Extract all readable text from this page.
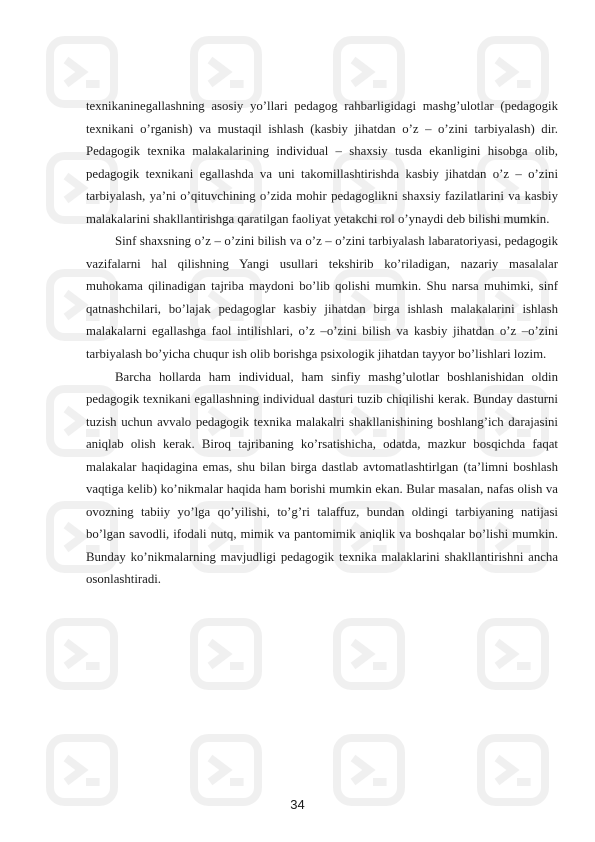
texnikaninegallashning asosiy yo’llari pedagog rahbarligidagi mashg’ulotlar (pedagogik texnikani o’rganish) va mustaqil ishlash (kasbiy jihatdan o’z – o’zini tarbiyalash) dir. Pedagogik texnika malakalarining individual – shaxsiy tusda ekanligini hisobga olib, pedagogik texnikani egallashda va uni takomillashtirishda kasbiy jihatdan o’z – o’zini tarbiyalash, ya’ni o’qituvchining o’zida mohir pedagoglikni shaxsiy fazilatlarini va kasbiy malakalarini shakllantirishga qaratilgan faoliyat yetakchi rol o’ynaydi deb bilishi mumkin.

Sinf shaxsning o’z – o’zini bilish va o’z – o’zini tarbiyalash labaratoriyasi, pedagogik vazifalarni hal qilishning Yangi usullari tekshirib ko’riladigan, nazariy masalalar muhokama qilinadigan tajriba maydoni bo’lib qolishi mumkin. Shu narsa muhimki, sinf qatnashchilari, bo’lajak pedagoglar kasbiy jihatdan birga ishlash malakalarini ishlash malakalarni egallashga faol intilishlari, o’z –o’zini bilish va kasbiy jihatdan o’z –o’zini tarbiyalash bo’yicha chuqur ish olib borishga psixologik jihatdan tayyor bo’lishlari lozim.

Barcha hollarda ham individual, ham sinfiy mashg’ulotlar boshlanishidan oldin pedagogik texnikani egallashning individual dasturi tuzib chiqilishi kerak. Bunday dasturni tuzish uchun avvalo pedagogik texnika malakalri shakllanishining boshlang’ich darajasini aniqlab olish kerak. Biroq tajribaning ko’rsatishicha, odatda, mazkur bosqichda faqat malakalar haqidagina emas, shu bilan birga dastlab avtomatlashtirlgan (ta’limni boshlash vaqtiga kelib) ko’nikmalar haqida ham borishi mumkin ekan. Bular masalan, nafas olish va ovozning tabiiy yo’lga qo’yilishi, to’g’ri talaffuz, bundan oldingi tarbiyaning natijasi bo’lgan savodli, ifodali nutq, mimik va pantomimik aniqlik va boshqalar bo’lishi mumkin. Bunday ko’nikmalarning mavjudligi pedagogik texnika malaklarini shakllantirishni ancha osonlashtiradi.

34
